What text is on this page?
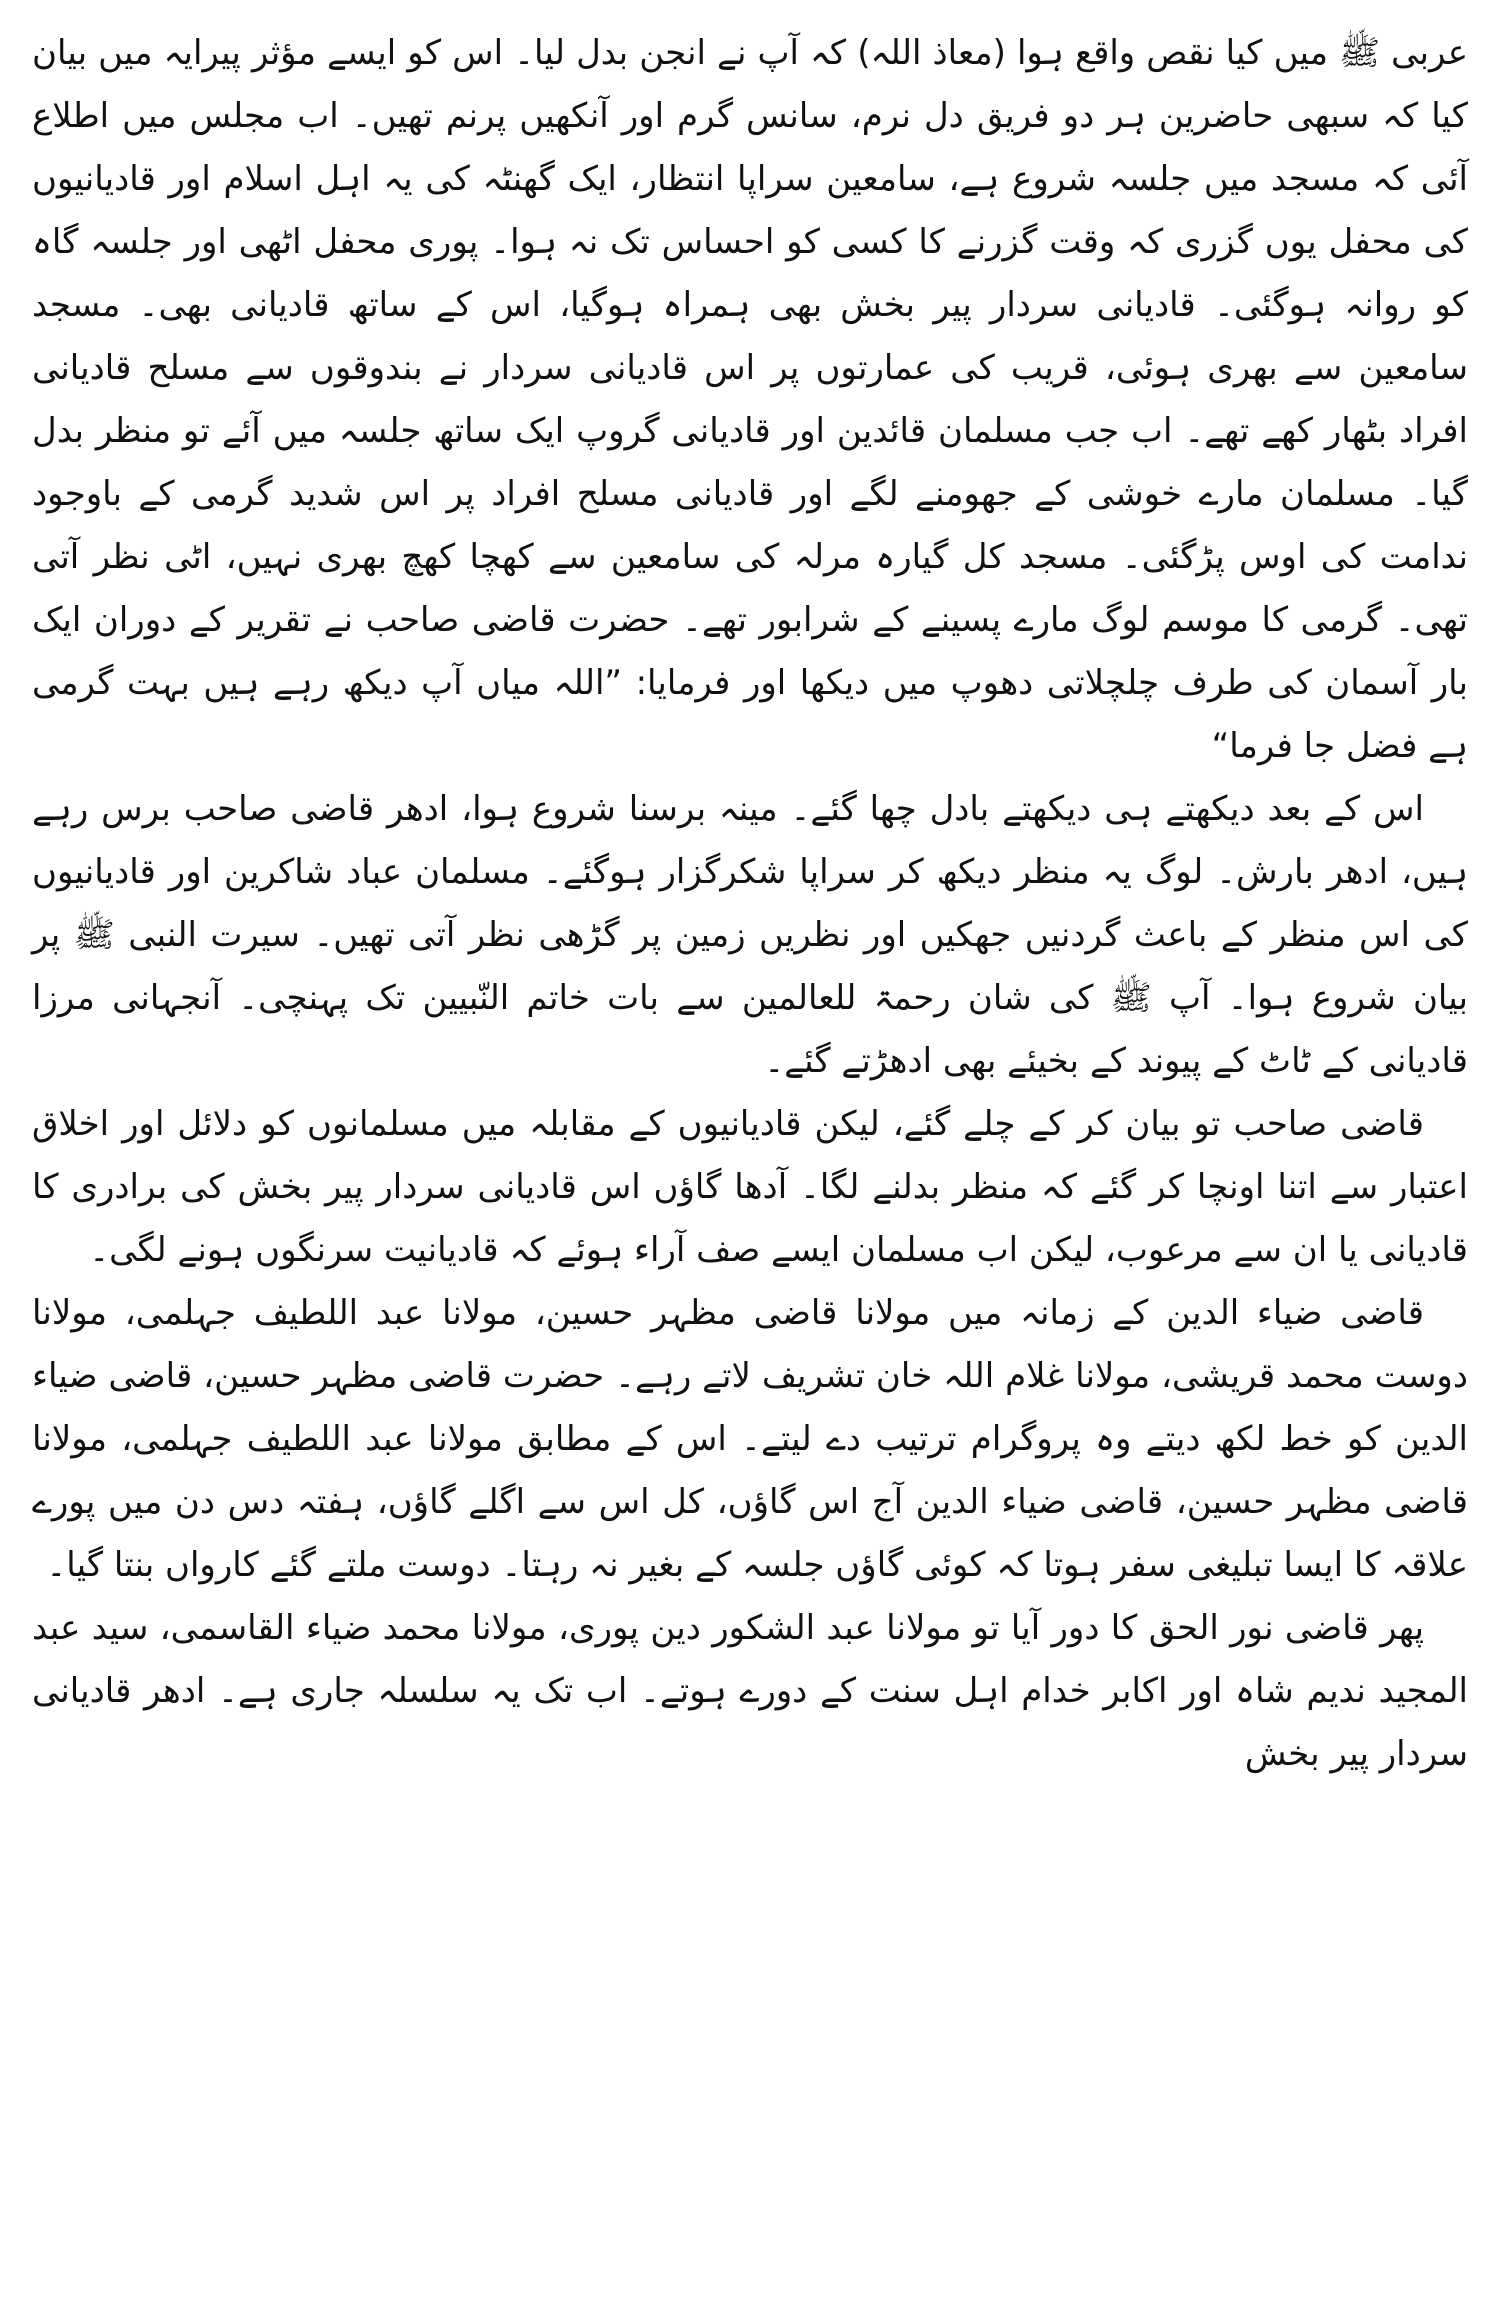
عربی ﷺ میں کیا نقص واقع ہوا (معاذ اللہ) کہ آپ نے انجن بدل لیا۔ اس کو ایسے مؤثر پیرایہ میں بیان کیا کہ سبھی حاضرین ہر دو فریق دل نرم، سانس گرم اور آنکھیں پرنم تھیں۔ اب مجلس میں اطلاع آئی کہ مسجد میں جلسہ شروع ہے، سامعین سراپا انتظار، ایک گھنٹہ کی یہ اہل اسلام اور قادیانیوں کی محفل یوں گزری کہ وقت گزرنے کا کسی کو احساس تک نہ ہوا۔ پوری محفل اٹھی اور جلسہ گاہ کو روانہ ہوگئی۔ قادیانی سردار پیر بخش بھی ہمراہ ہوگیا، اس کے ساتھ قادیانی بھی۔ مسجد سامعین سے بھری ہوئی، قریب کی عمارتوں پر اس قادیانی سردار نے بندوقوں سے مسلح قادیانی افراد بٹھار کھے تھے۔ اب جب مسلمان قائدین اور قادیانی گروپ ایک ساتھ جلسہ میں آئے تو منظر بدل گیا۔ مسلمان مارے خوشی کے جھومنے لگے اور قادیانی مسلح افراد پر اس شدید گرمی کے باوجود ندامت کی اوس پڑگئی۔ مسجد کل گیارہ مرلہ کی سامعین سے کھچا کھچ بھری نہیں، اٹی نظر آتی تھی۔ گرمی کا موسم لوگ مارے پسینے کے شرابور تھے۔ حضرت قاضی صاحب نے تقریر کے دوران ایک بار آسمان کی طرف چلچلاتی دھوپ میں دیکھا اور فرمایا: ”اللہ میاں آپ دیکھ رہے ہیں بہت گرمی ہے فضل جا فرما“

اس کے بعد دیکھتے ہی دیکھتے بادل چھا گئے۔ مینہ برسنا شروع ہوا، ادھر قاضی صاحب برس رہے ہیں، ادھر بارش۔ لوگ یہ منظر دیکھ کر سراپا شکرگزار ہوگئے۔ مسلمان عباد شاکرین اور قادیانیوں کی اس منظر کے باعث گردنیں جھکیں اور نظریں زمین پر گڑھی نظر آتی تھیں۔ سیرت النبی ﷺ پر بیان شروع ہوا۔ آپ ﷺ کی شان رحمۃ للعالمین سے بات خاتم النّبیین تک پہنچی۔ آنجہانی مرزا قادیانی کے ٹاٹ کے پیوند کے بخیئے بھی ادھڑتے گئے۔

قاضی صاحب تو بیان کر کے چلے گئے، لیکن قادیانیوں کے مقابلہ میں مسلمانوں کو دلائل اور اخلاق اعتبار سے اتنا اونچا کر گئے کہ منظر بدلنے لگا۔ آدھا گاؤں اس قادیانی سردار پیر بخش کی برادری کا قادیانی یا ان سے مرعوب، لیکن اب مسلمان ایسے صف آراء ہوئے کہ قادیانیت سرنگوں ہونے لگی۔

قاضی ضیاء الدین کے زمانہ میں مولانا قاضی مظہر حسین، مولانا عبد اللطیف جہلمی، مولانا دوست محمد قریشی، مولانا غلام اللہ خان تشریف لاتے رہے۔ حضرت قاضی مظہر حسین، قاضی ضیاء الدین کو خط لکھ دیتے وہ پروگرام ترتیب دے لیتے۔ اس کے مطابق مولانا عبد اللطیف جہلمی، مولانا قاضی مظہر حسین، قاضی ضیاء الدین آج اس گاؤں، کل اس سے اگلے گاؤں، ہفتہ دس دن میں پورے علاقہ کا ایسا تبلیغی سفر ہوتا کہ کوئی گاؤں جلسہ کے بغیر نہ رہتا۔ دوست ملتے گئے کارواں بنتا گیا۔

پھر قاضی نور الحق کا دور آیا تو مولانا عبد الشکور دین پوری، مولانا محمد ضیاء القاسمی، سید عبد المجید ندیم شاہ اور اکابر خدام اہل سنت کے دورے ہوتے۔ اب تک یہ سلسلہ جاری ہے۔ ادھر قادیانی سردار پیر بخش
